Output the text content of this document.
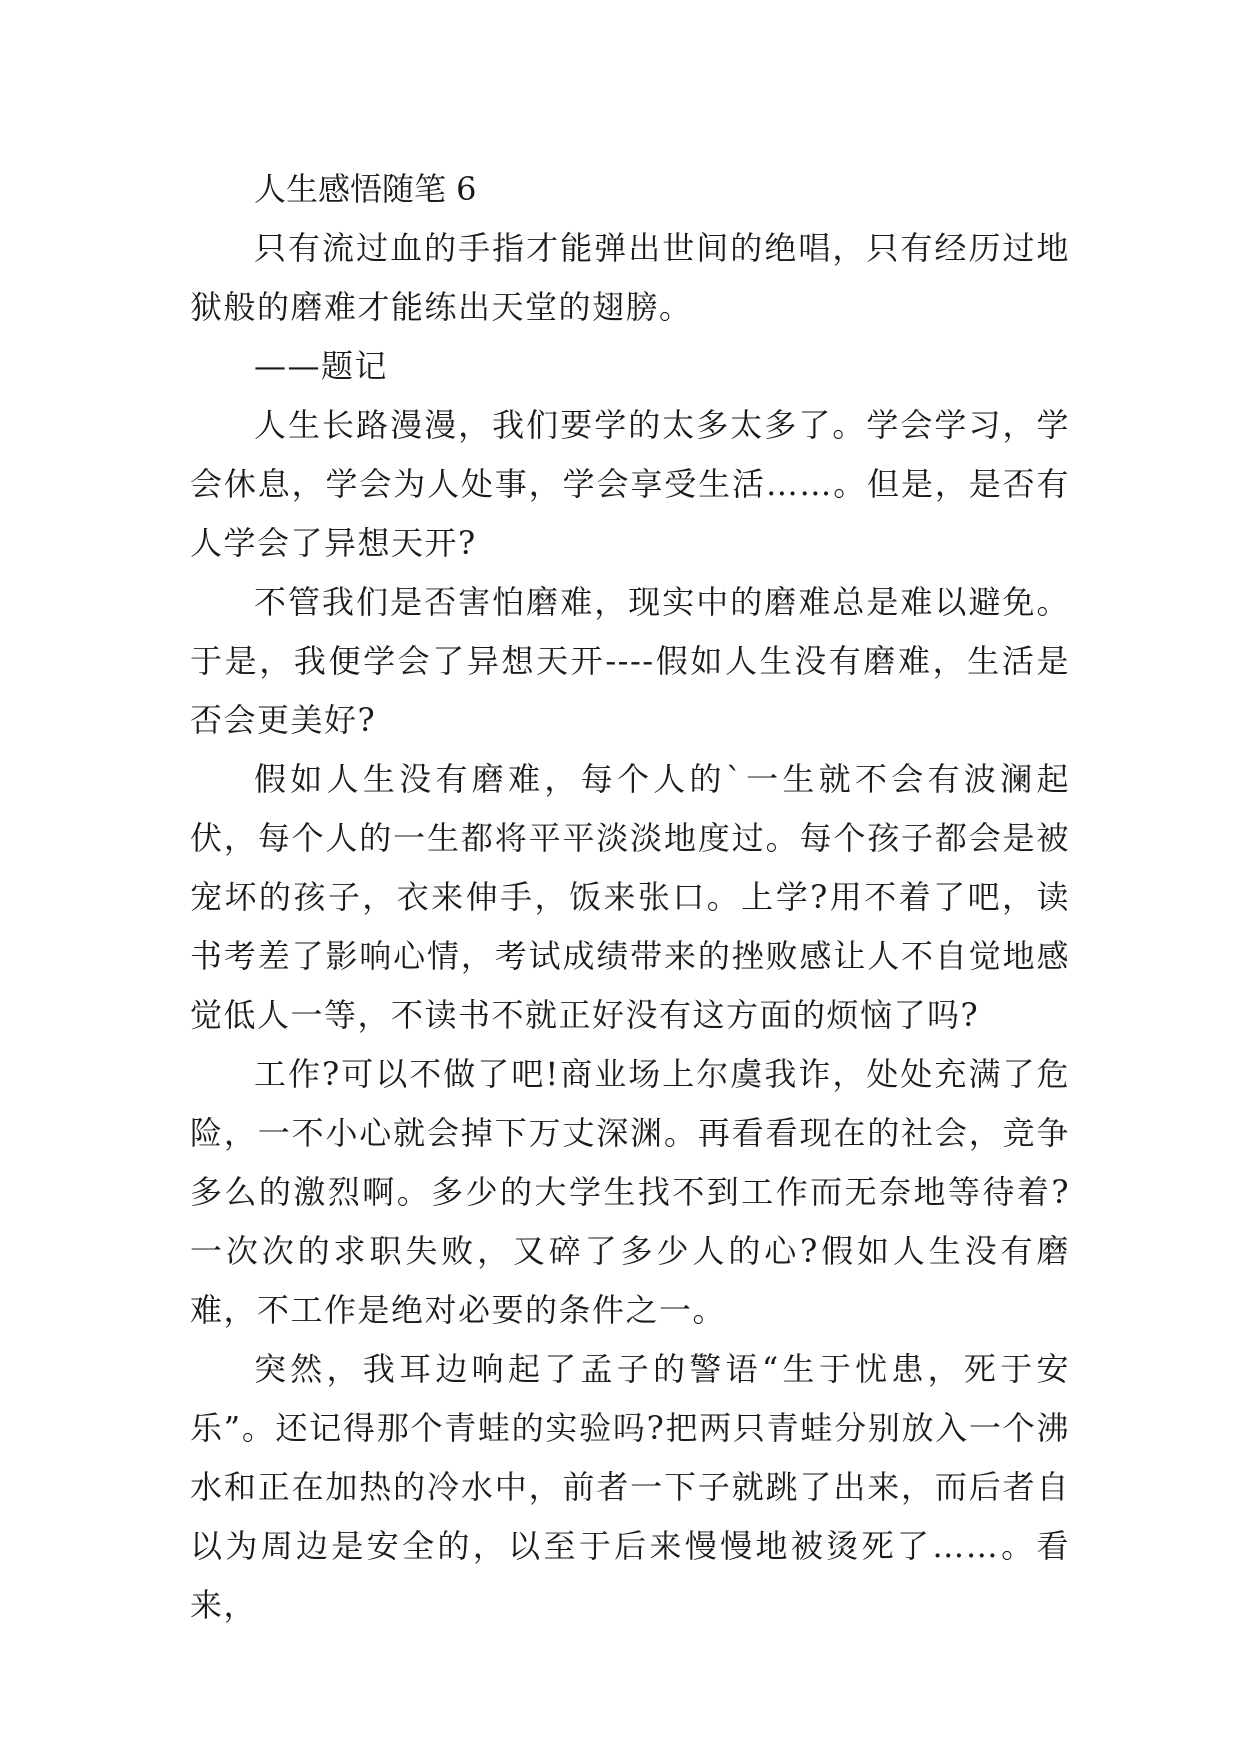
人生感悟随笔 6

只有流过血的手指才能弹出世间的绝唱，只有经历过地狱般的磨难才能练出天堂的翅膀。

——题记

人生长路漫漫，我们要学的太多太多了。学会学习，学会休息，学会为人处事，学会享受生活……。但是，是否有人学会了异想天开?

不管我们是否害怕磨难，现实中的磨难总是难以避免。于是，我便学会了异想天开----假如人生没有磨难，生活是否会更美好?

假如人生没有磨难，每个人的`一生就不会有波澜起伏，每个人的一生都将平平淡淡地度过。每个孩子都会是被宠坏的孩子，衣来伸手，饭来张口。上学?用不着了吧，读书考差了影响心情，考试成绩带来的挫败感让人不自觉地感觉低人一等，不读书不就正好没有这方面的烦恼了吗?

工作?可以不做了吧!商业场上尔虞我诈，处处充满了危险，一不小心就会掉下万丈深渊。再看看现在的社会，竞争多么的激烈啊。多少的大学生找不到工作而无奈地等待着?一次次的求职失败，又碎了多少人的心?假如人生没有磨难，不工作是绝对必要的条件之一。

突然，我耳边响起了孟子的警语“生于忧患，死于安乐”。还记得那个青蛙的实验吗?把两只青蛙分别放入一个沸水和正在加热的冷水中，前者一下子就跳了出来，而后者自以为周边是安全的，以至于后来慢慢地被烫死了……。看来，
